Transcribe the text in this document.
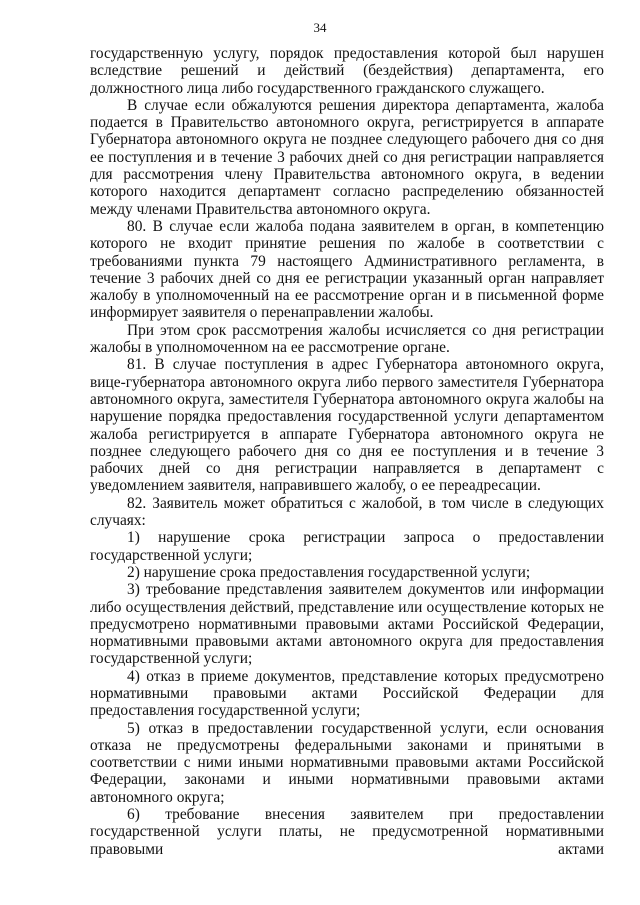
34

государственную услугу, порядок предоставления которой был нарушен вследствие решений и действий (бездействия) департамента, его должностного лица либо государственного гражданского служащего.

В случае если обжалуются решения директора департамента, жалоба подается в Правительство автономного округа, регистрируется в аппарате Губернатора автономного округа не позднее следующего рабочего дня со дня ее поступления и в течение 3 рабочих дней со дня регистрации направляется для рассмотрения члену Правительства автономного округа, в ведении которого находится департамент согласно распределению обязанностей между членами Правительства автономного округа.

80. В случае если жалоба подана заявителем в орган, в компетенцию которого не входит принятие решения по жалобе в соответствии с требованиями пункта 79 настоящего Административного регламента, в течение 3 рабочих дней со дня ее регистрации указанный орган направляет жалобу в уполномоченный на ее рассмотрение орган и в письменной форме информирует заявителя о перенаправлении жалобы.

При этом срок рассмотрения жалобы исчисляется со дня регистрации жалобы в уполномоченном на ее рассмотрение органе.

81. В случае поступления в адрес Губернатора автономного округа, вице-губернатора автономного округа либо первого заместителя Губернатора автономного округа, заместителя Губернатора автономного округа жалобы на нарушение порядка предоставления государственной услуги департаментом жалоба регистрируется в аппарате Губернатора автономного округа не позднее следующего рабочего дня со дня ее поступления и в течение 3 рабочих дней со дня регистрации направляется в департамент с уведомлением заявителя, направившего жалобу, о ее переадресации.

82. Заявитель может обратиться с жалобой, в том числе в следующих случаях:

1) нарушение срока регистрации запроса о предоставлении государственной услуги;

2) нарушение срока предоставления государственной услуги;

3) требование представления заявителем документов или информации либо осуществления действий, представление или осуществление которых не предусмотрено нормативными правовыми актами Российской Федерации, нормативными правовыми актами автономного округа для предоставления государственной услуги;

4) отказ в приеме документов, представление которых предусмотрено нормативными правовыми актами Российской Федерации для предоставления государственной услуги;

5) отказ в предоставлении государственной услуги, если основания отказа не предусмотрены федеральными законами и принятыми в соответствии с ними иными нормативными правовыми актами Российской Федерации, законами и иными нормативными правовыми актами автономного округа;

6) требование внесения заявителем при предоставлении государственной услуги платы, не предусмотренной нормативными правовыми актами
